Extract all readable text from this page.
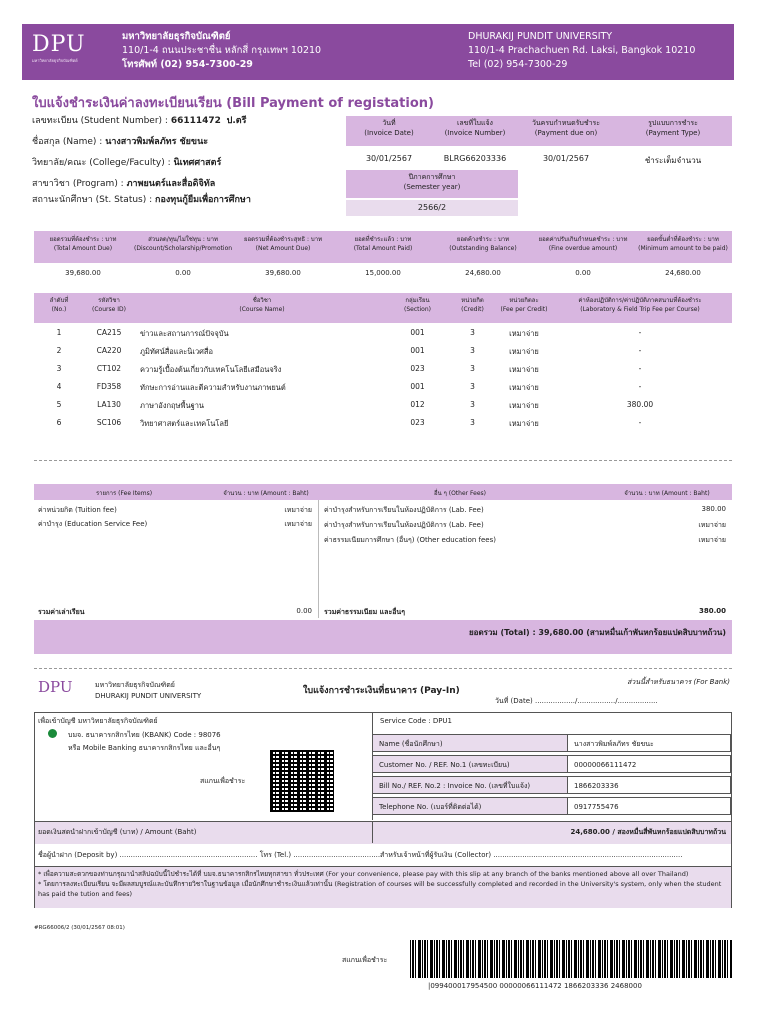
DPU
มหาวิทยาลัยธุรกิจบัณฑิตย์
มหาวิทยาลัยธุรกิจบัณฑิตย์
110/1-4 ถนนประชาชื่น หลักสี่ กรุงเทพฯ 10210
โทรศัพท์ (02) 954-7300-29
DHURAKIJ PUNDIT UNIVERSITY
110/1-4 Prachachuen Rd. Laksi, Bangkok 10210
Tel (02) 954-7300-29
ใบแจ้งชำระเงินค่าลงทะเบียนเรียน (Bill Payment of registation)
เลขทะเบียน (Student Number) : 66111472 ป.ตรี
ชื่อสกุล (Name) : นางสาวพิมพ์ลภัทร ชัยขนะ
วิทยาลัย/คณะ (College/Faculty) : นิเทศศาสตร์
สาขาวิชา (Program) : ภาพยนตร์และสื่อดิจิทัล
สถานะนักศึกษา (St. Status) : กองทุนกู้ยืมเพื่อการศึกษา
วันที่
(Invoice Date)
เลขที่ใบแจ้ง
(Invoice Number)
วันครบกำหนดรับชำระ
(Payment due on)
รูปแบบการชำระ
(Payment Type)
30/01/2567	BLRG66203336	30/01/2567	ชำระเต็มจำนวน
ปีภาคการศึกษา
(Semester year)
2566/2
ยอดรวมที่ต้องชำระ : บาท
(Total Amount Due)
ส่วนลด/ทุน/ไม่ใช่ทุน : บาท
(Discount/Scholarship/Promotion
ยอดรวมที่ต้องชำระสุทธิ : บาท
(Net Amount Due)
ยอดที่ชำระแล้ว : บาท
(Total Amount Paid)
ยอดค้างชำระ : บาท
(Outstanding Balance)
ยอดค่าปรับเกินกำหนดชำระ : บาท
(Fine overdue amount)
ยอดขั้นต่ำที่ต้องชำระ : บาท
(Minimum amount to be paid)
39,680.00	0.00	39,680.00	15,000.00	24,680.00	0.00	24,680.00
ลำดับที่
(No.)
รหัสวิชา
(Course ID)
ชื่อวิชา
(Course Name)
กลุ่มเรียน
(Section)
หน่วยกิต
(Credit)
หน่วยกิตละ
(Fee per Credit)
ค่าห้องปฏิบัติการ/ค่าปฏิบัติภาคสนามที่ต้องชำระ
(Laboratory & Field Trip Fee per Course)
1	CA215	ข่าวและสถานการณ์ปัจจุบัน	001	3	เหมาจ่าย	-
2	CA220	ภูมิทัศน์สื่อและนิเวศสื่อ	001	3	เหมาจ่าย	-
3	CT102	ความรู้เบื้องต้นเกี่ยวกับเทคโนโลยีเสมือนจริง	023	3	เหมาจ่าย	-
4	FD358	ทักษะการอ่านและตีความสำหรับงานภาพยนต์	001	3	เหมาจ่าย	-
5	LA130	ภาษาอังกฤษพื้นฐาน	012	3	เหมาจ่าย	380.00
6	SC106	วิทยาศาสตร์และเทคโนโลยี	023	3	เหมาจ่าย	-
รายการ (Fee Items)	จำนวน : บาท (Amount : Baht)	อื่น ๆ (Other Fees)	จำนวน : บาท (Amount : Baht)
ค่าหน่วยกิต (Tuition fee)	เหมาจ่าย
ค่าบำรุง (Education Service Fee)	เหมาจ่าย
ค่าบำรุงสำหรับการเรียนในห้องปฏิบัติการ (Lab. Fee)	380.00
ค่าบำรุงสำหรับการเรียนในห้องปฏิบัติการ (Lab. Fee)	เหมาจ่าย
ค่าธรรมเนียมการศึกษา (อื่นๆ) (Other education fees)	เหมาจ่าย
รวมค่าเล่าเรียน	0.00 รวมค่าธรรมเนียม และอื่นๆ	380.00
ยอดรวม (Total) : 39,680.00 (สามหมื่นเก้าพันหกร้อยแปดสิบบาทถ้วน)
DPU	มหาวิทยาลัยธุรกิจบัณฑิตย์
DHURAKIJ PUNDIT UNIVERSITY	ใบแจ้งการชำระเงินที่ธนาคาร (Pay-In)
ส่วนนี้สำหรับธนาคาร (For Bank)
วันที่ (Date) ................../................./..................
เพื่อเข้าบัญชี มหาวิทยาลัยธุรกิจบัณฑิตย์
บมจ. ธนาคารกสิกรไทย (KBANK) Code : 98076
หรือ Mobile Banking ธนาคารกสิกรไทย และอื่นๆ
สแกนเพื่อชำระ
Service Code : DPU1
Name (ชื่อนักศึกษา)	นางสาวพิมพ์ลภัทร ชัยขนะ
Customer No. / REF. No.1 (เลขทะเบียน)	00000066111472
Bill No./ REF. No.2 : Invoice No. (เลขที่ใบแจ้ง)	1866203336
Telephone No. (เบอร์ที่ติดต่อได้)	0917755476
ยอดเงินสดนำฝากเข้าบัญชี (บาท) / Amount (Baht)	24,680.00 / สองหมื่นสี่พันหกร้อยแปดสิบบาทถ้วน
ชื่อผู้นำฝาก (Deposit by) .............................................................. โทร (Tel.) ........................................
สำหรับเจ้าหน้าที่ผู้รับเงิน (Collector) .....................................................................................
* เพื่อความสะดวกของท่านกรุณานำสลิปฉบับนี้ไปชำระได้ที่ บมจ.ธนาคารกสิกรไทยทุกสาขา ทั่วประเทศ (For your convenience, please pay with this slip at any branch of the banks mentioned above all over Thailand)
* โดยการลงทะเบียนเรียน จะมีผลสมบูรณ์และบันทึกรายวิชาในฐานข้อมูล เมื่อนักศึกษาชำระเงินแล้วเท่านั้น (Registration of courses will be successfully completed and recorded in the University's system, only when the student has paid the tution and fees)
#RG66006/2 (30/01/2567 08:01)
สแกนเพื่อชำระ
|099400017954500 00000066111472 1866203336 2468000
